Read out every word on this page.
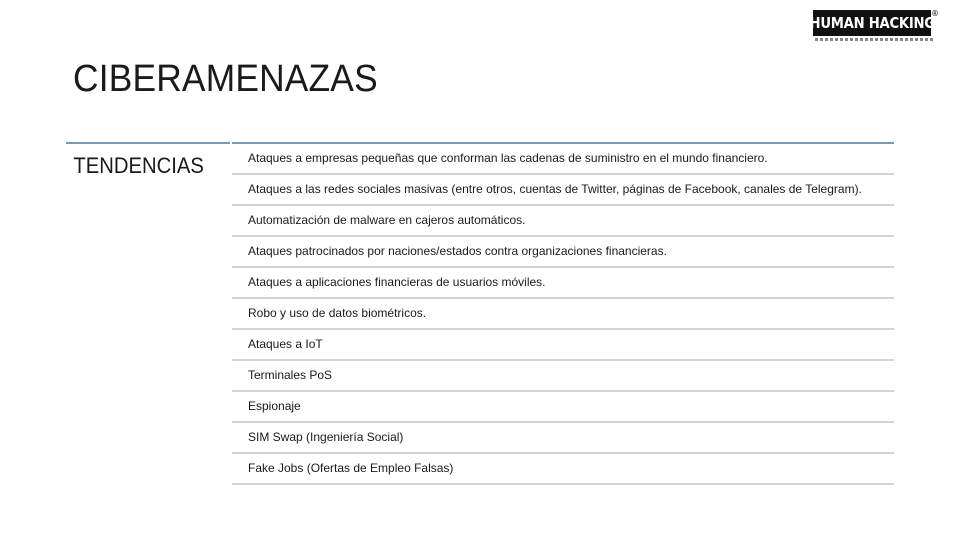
HUMAN HACKING
®
CIBERAMENAZAS
TENDENCIAS	Ataques a empresas pequeñas que conforman las cadenas de suministro en el mundo financiero.
Ataques a las redes sociales masivas (entre otros, cuentas de Twitter, páginas de Facebook, canales de Telegram).
Automatización de malware en cajeros automáticos.
Ataques patrocinados por naciones/estados contra organizaciones financieras.
Ataques a aplicaciones financieras de usuarios móviles.
Robo y uso de datos biométricos.
Ataques a IoT
Terminales PoS
Espionaje
SIM Swap (Ingeniería Social)
Fake Jobs (Ofertas de Empleo Falsas)
